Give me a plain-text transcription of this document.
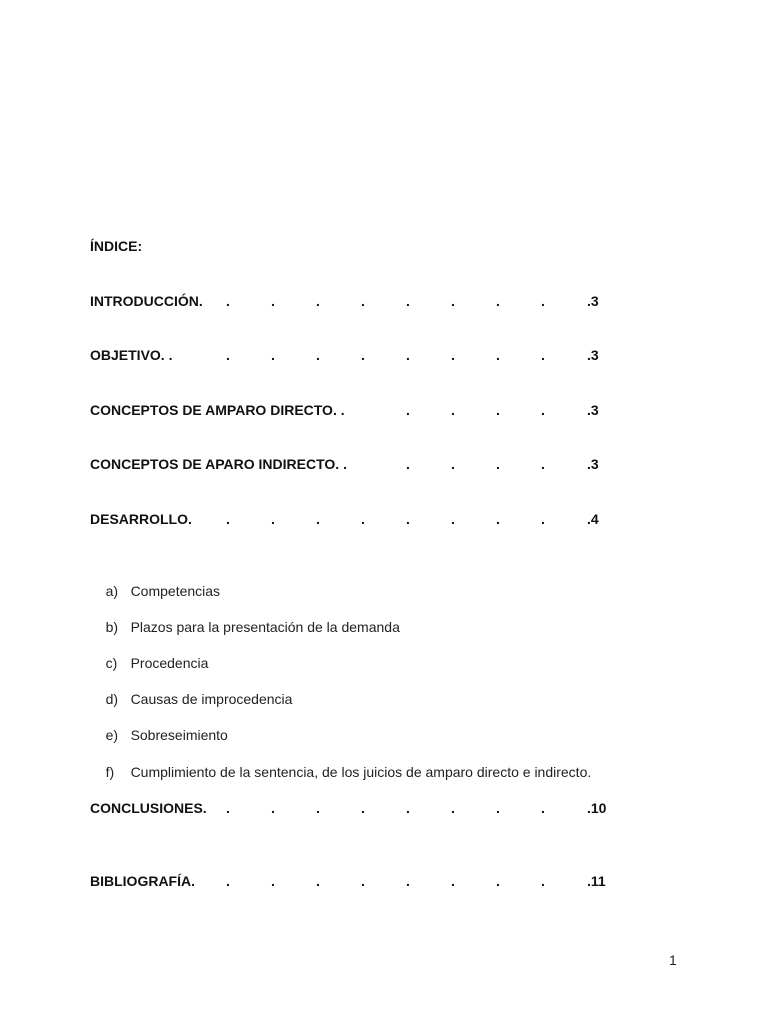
ÍNDICE:
INTRODUCCIÓN. .	.	.	.	.	.	.	.	.3
OBJETIVO. .	.	.	.	.	.	.	.	.	.3
CONCEPTOS DE AMPARO DIRECTO. .	.	.	.	.	.3
CONCEPTOS DE APARO INDIRECTO. .	.	.	.	.	.3
DESARROLLO. .	.	.	.	.	.	.	.	.4

a) Competencias

b) Plazos para la presentación de la demanda

c) Procedencia

d) Causas de improcedencia

e) Sobreseimiento

f) Cumplimiento de la sentencia, de los juicios de amparo directo e indirecto.

CONCLUSIONES. .	.	.	.	.	.	.	.	.10
BIBLIOGRAFÍA. .	.	.	.	.	.	.	.	.11
1
